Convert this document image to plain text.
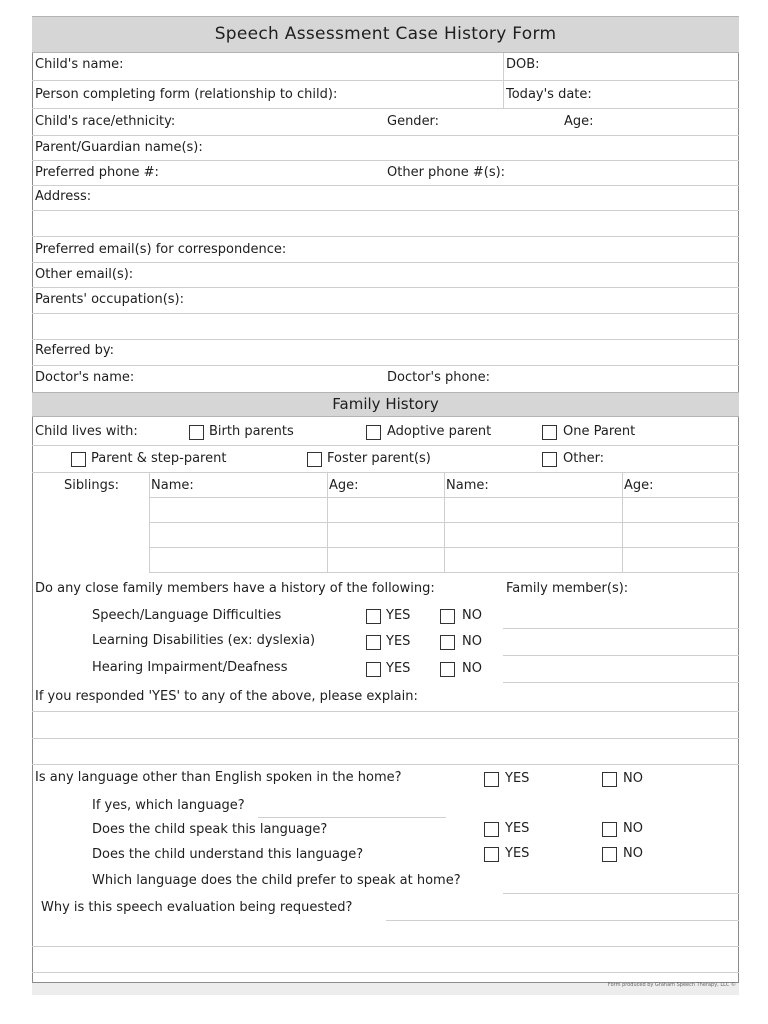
Speech Assessment Case History Form
Child's name:	DOB:
Person completing form (relationship to child):	Today's date:
Child's race/ethnicity:	Gender:	Age:
Parent/Guardian name(s):
Preferred phone #:	Other phone #(s):
Address:
Preferred email(s) for correspondence:
Other email(s):
Parents' occupation(s):
Referred by:
Doctor's name:	Doctor's phone:
Family History
Child lives with:	Birth parents	Adoptive parent	One Parent
Parent & step-parent	Foster parent(s)	Other:
Siblings: Name:	Age:	Name:	Age:
Do any close family members have a history of the following:	Family member(s):
Speech/Language Difficulties	YES	NO
Learning Disabilities (ex: dyslexia)	YES	NO
Hearing Impairment/Deafness	YES	NO
If you responded 'YES' to any of the above, please explain:
Is any language other than English spoken in the home?	YES	NO
If yes, which language?
Does the child speak this language?	YES	NO
Does the child understand this language?	YES	NO
Which language does the child prefer to speak at home?
Why is this speech evaluation being requested?
Form produced by Graham Speech Therapy, LLC ©
